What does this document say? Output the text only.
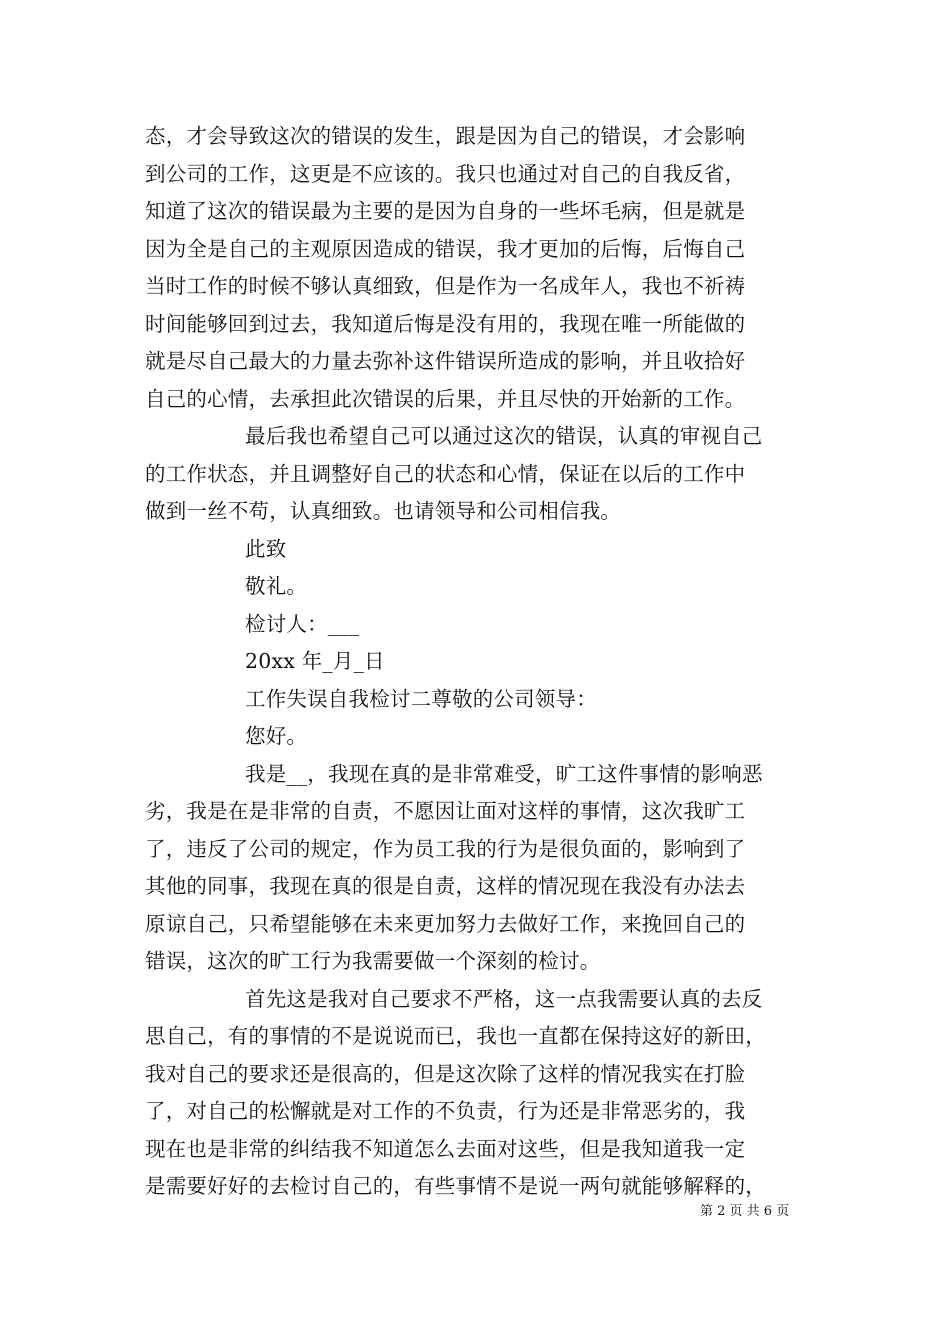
态，才会导致这次的错误的发生，跟是因为自己的错误，才会影响
到公司的工作，这更是不应该的。我只也通过对自己的自我反省，
知道了这次的错误最为主要的是因为自身的一些坏毛病，但是就是
因为全是自己的主观原因造成的错误，我才更加的后悔，后悔自己
当时工作的时候不够认真细致，但是作为一名成年人，我也不祈祷
时间能够回到过去，我知道后悔是没有用的，我现在唯一所能做的
就是尽自己最大的力量去弥补这件错误所造成的影响，并且收拾好
自己的心情，去承担此次错误的后果，并且尽快的开始新的工作。
最后我也希望自己可以通过这次的错误，认真的审视自己
的工作状态，并且调整好自己的状态和心情，保证在以后的工作中
做到一丝不苟，认真细致。也请领导和公司相信我。
此致
敬礼。
检讨人：___
20xx 年_月_日
工作失误自我检讨二尊敬的公司领导：
您好。
我是__，我现在真的是非常难受，旷工这件事情的影响恶
劣，我是在是非常的自责，不愿因让面对这样的事情，这次我旷工
了，违反了公司的规定，作为员工我的行为是很负面的，影响到了
其他的同事，我现在真的很是自责，这样的情况现在我没有办法去
原谅自己，只希望能够在未来更加努力去做好工作，来挽回自己的
错误，这次的旷工行为我需要做一个深刻的检讨。
首先这是我对自己要求不严格，这一点我需要认真的去反
思自己，有的事情的不是说说而已，我也一直都在保持这好的新田，
我对自己的要求还是很高的，但是这次除了这样的情况我实在打脸
了，对自己的松懈就是对工作的不负责，行为还是非常恶劣的，我
现在也是非常的纠结我不知道怎么去面对这些，但是我知道我一定
是需要好好的去检讨自己的，有些事情不是说一两句就能够解释的，
第 2 页 共 6 页
